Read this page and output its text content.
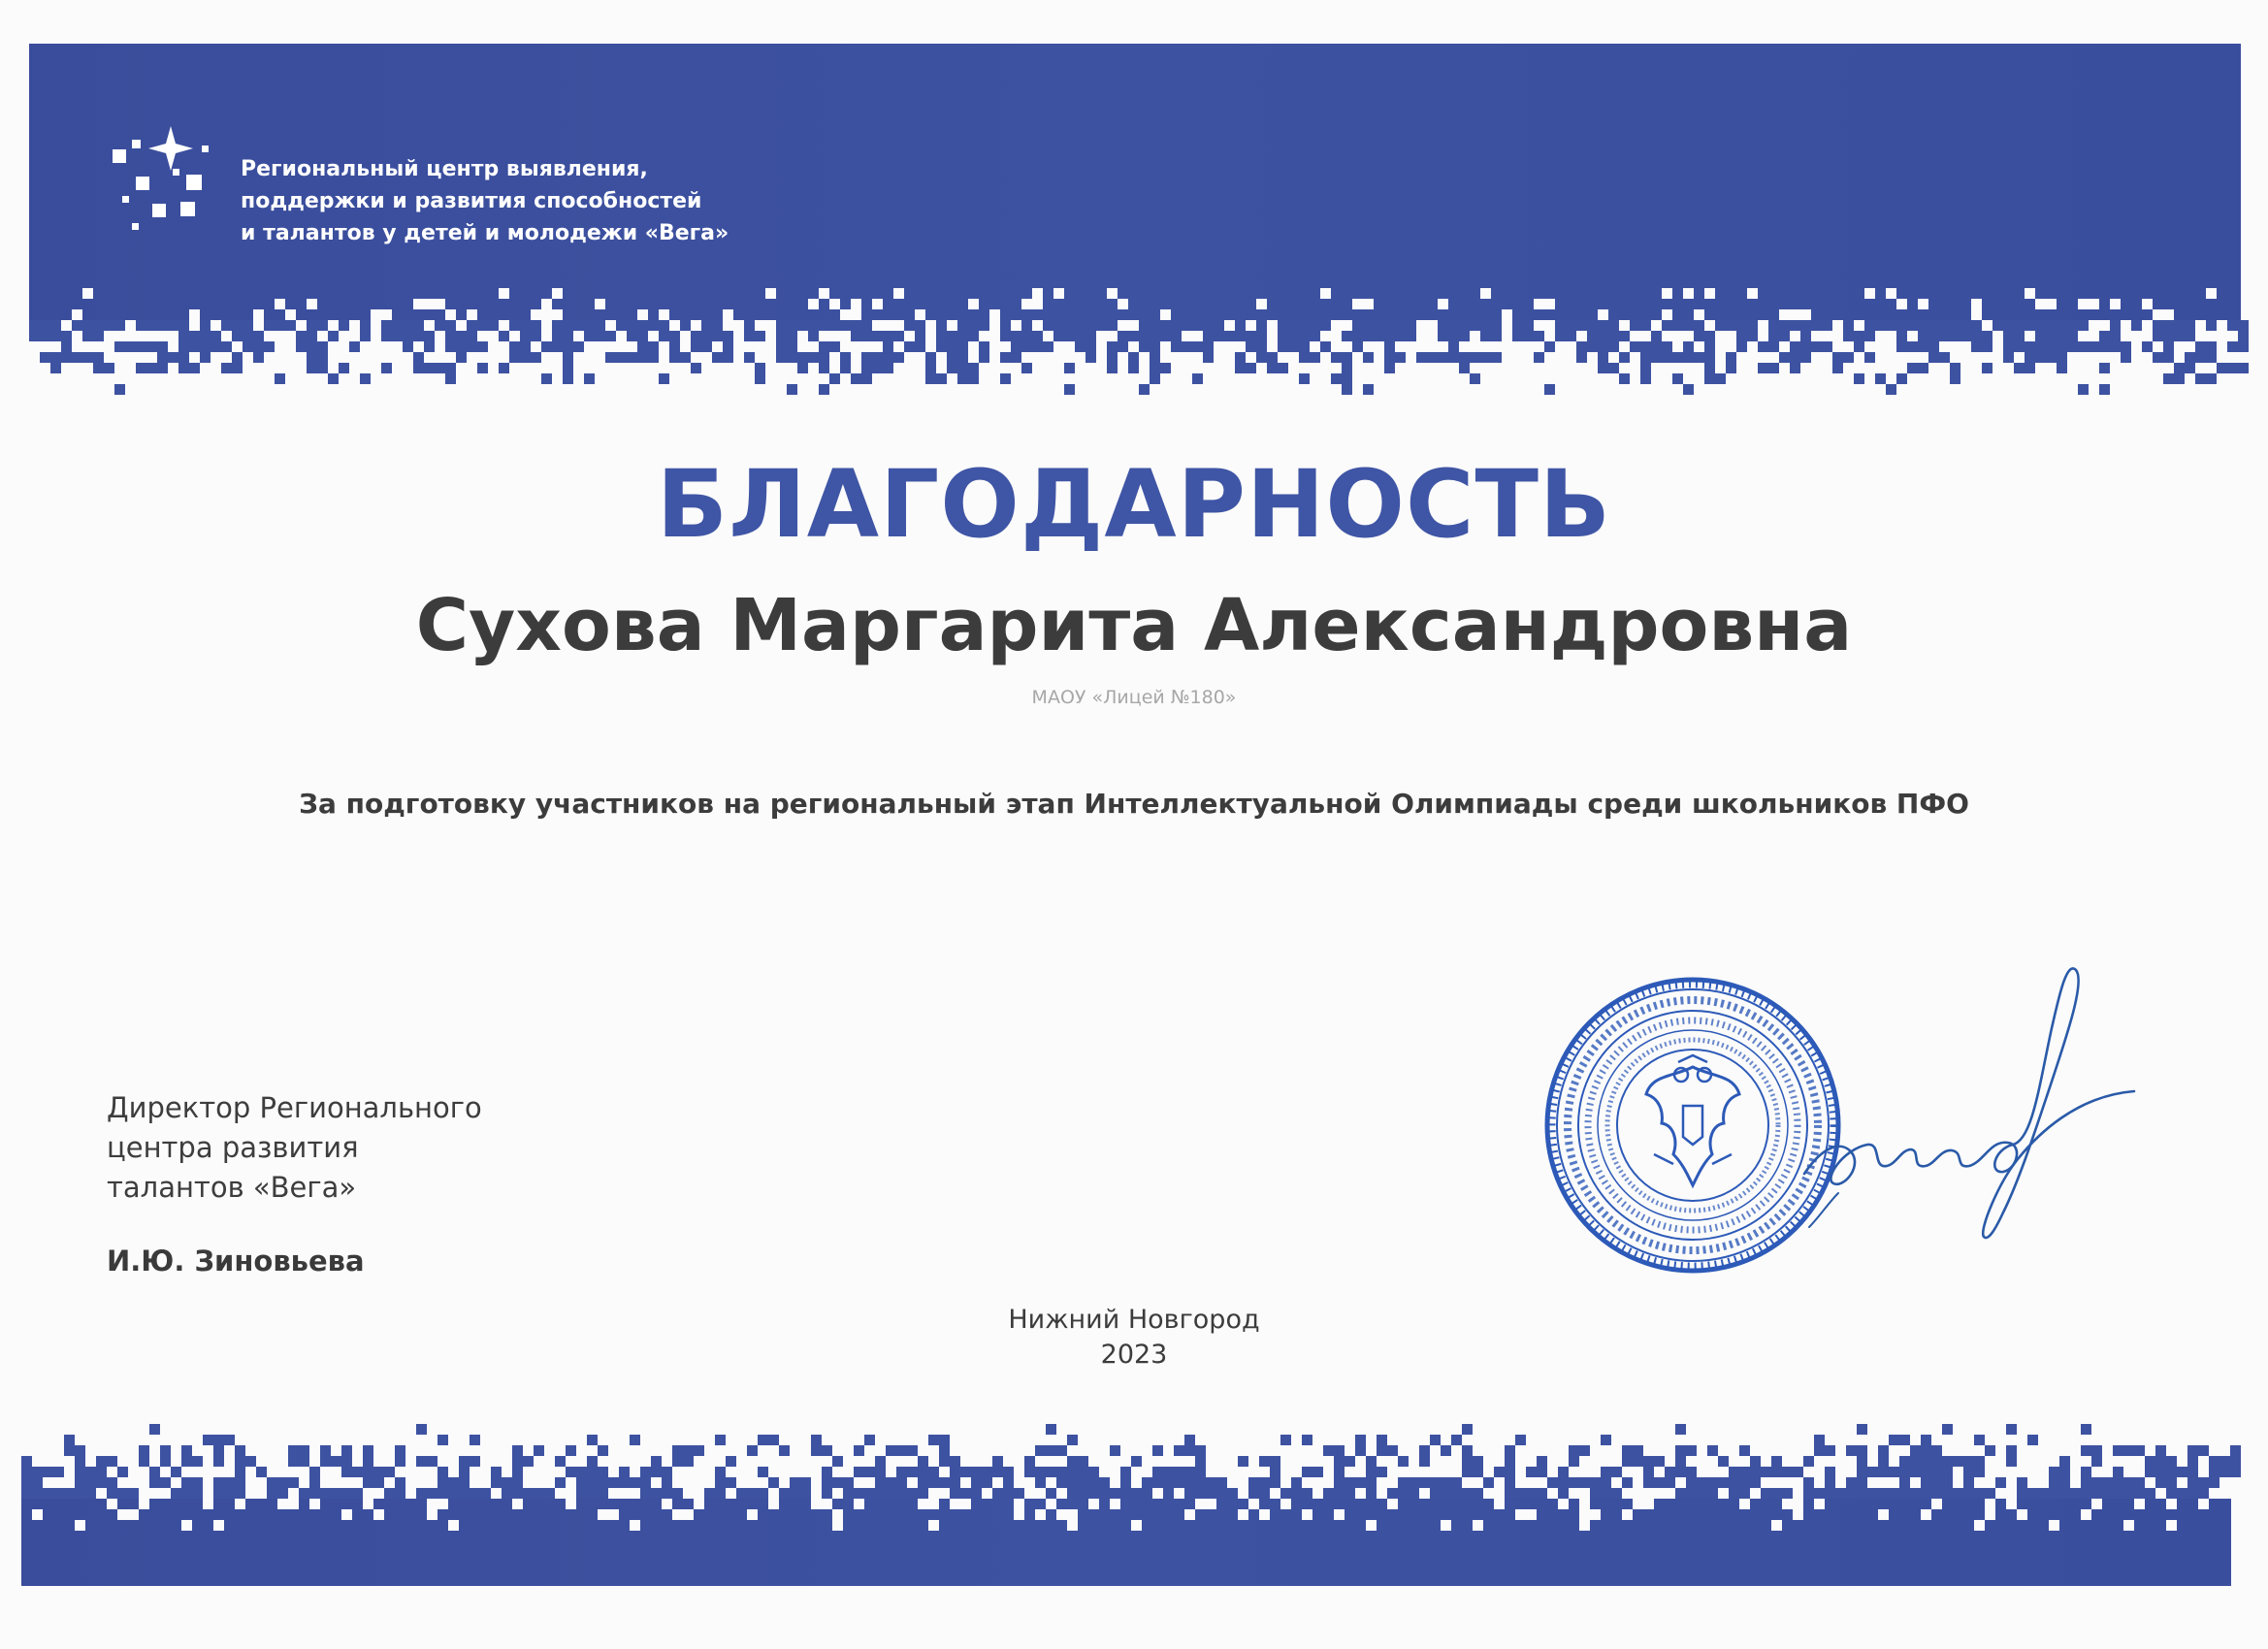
Региональный центр выявления,
поддержки и развития способностей
и талантов у детей и молодежи «Вега»
БЛАГОДАРНОСТЬ
Сухова Маргарита Александровна
МАОУ «Лицей №180»
За подготовку участников на региональный этап Интеллектуальной Олимпиады среди школьников ПФО
Директор Регионального
центра развития
талантов «Вега»
И.Ю. Зиновьева
Нижний Новгород
2023
